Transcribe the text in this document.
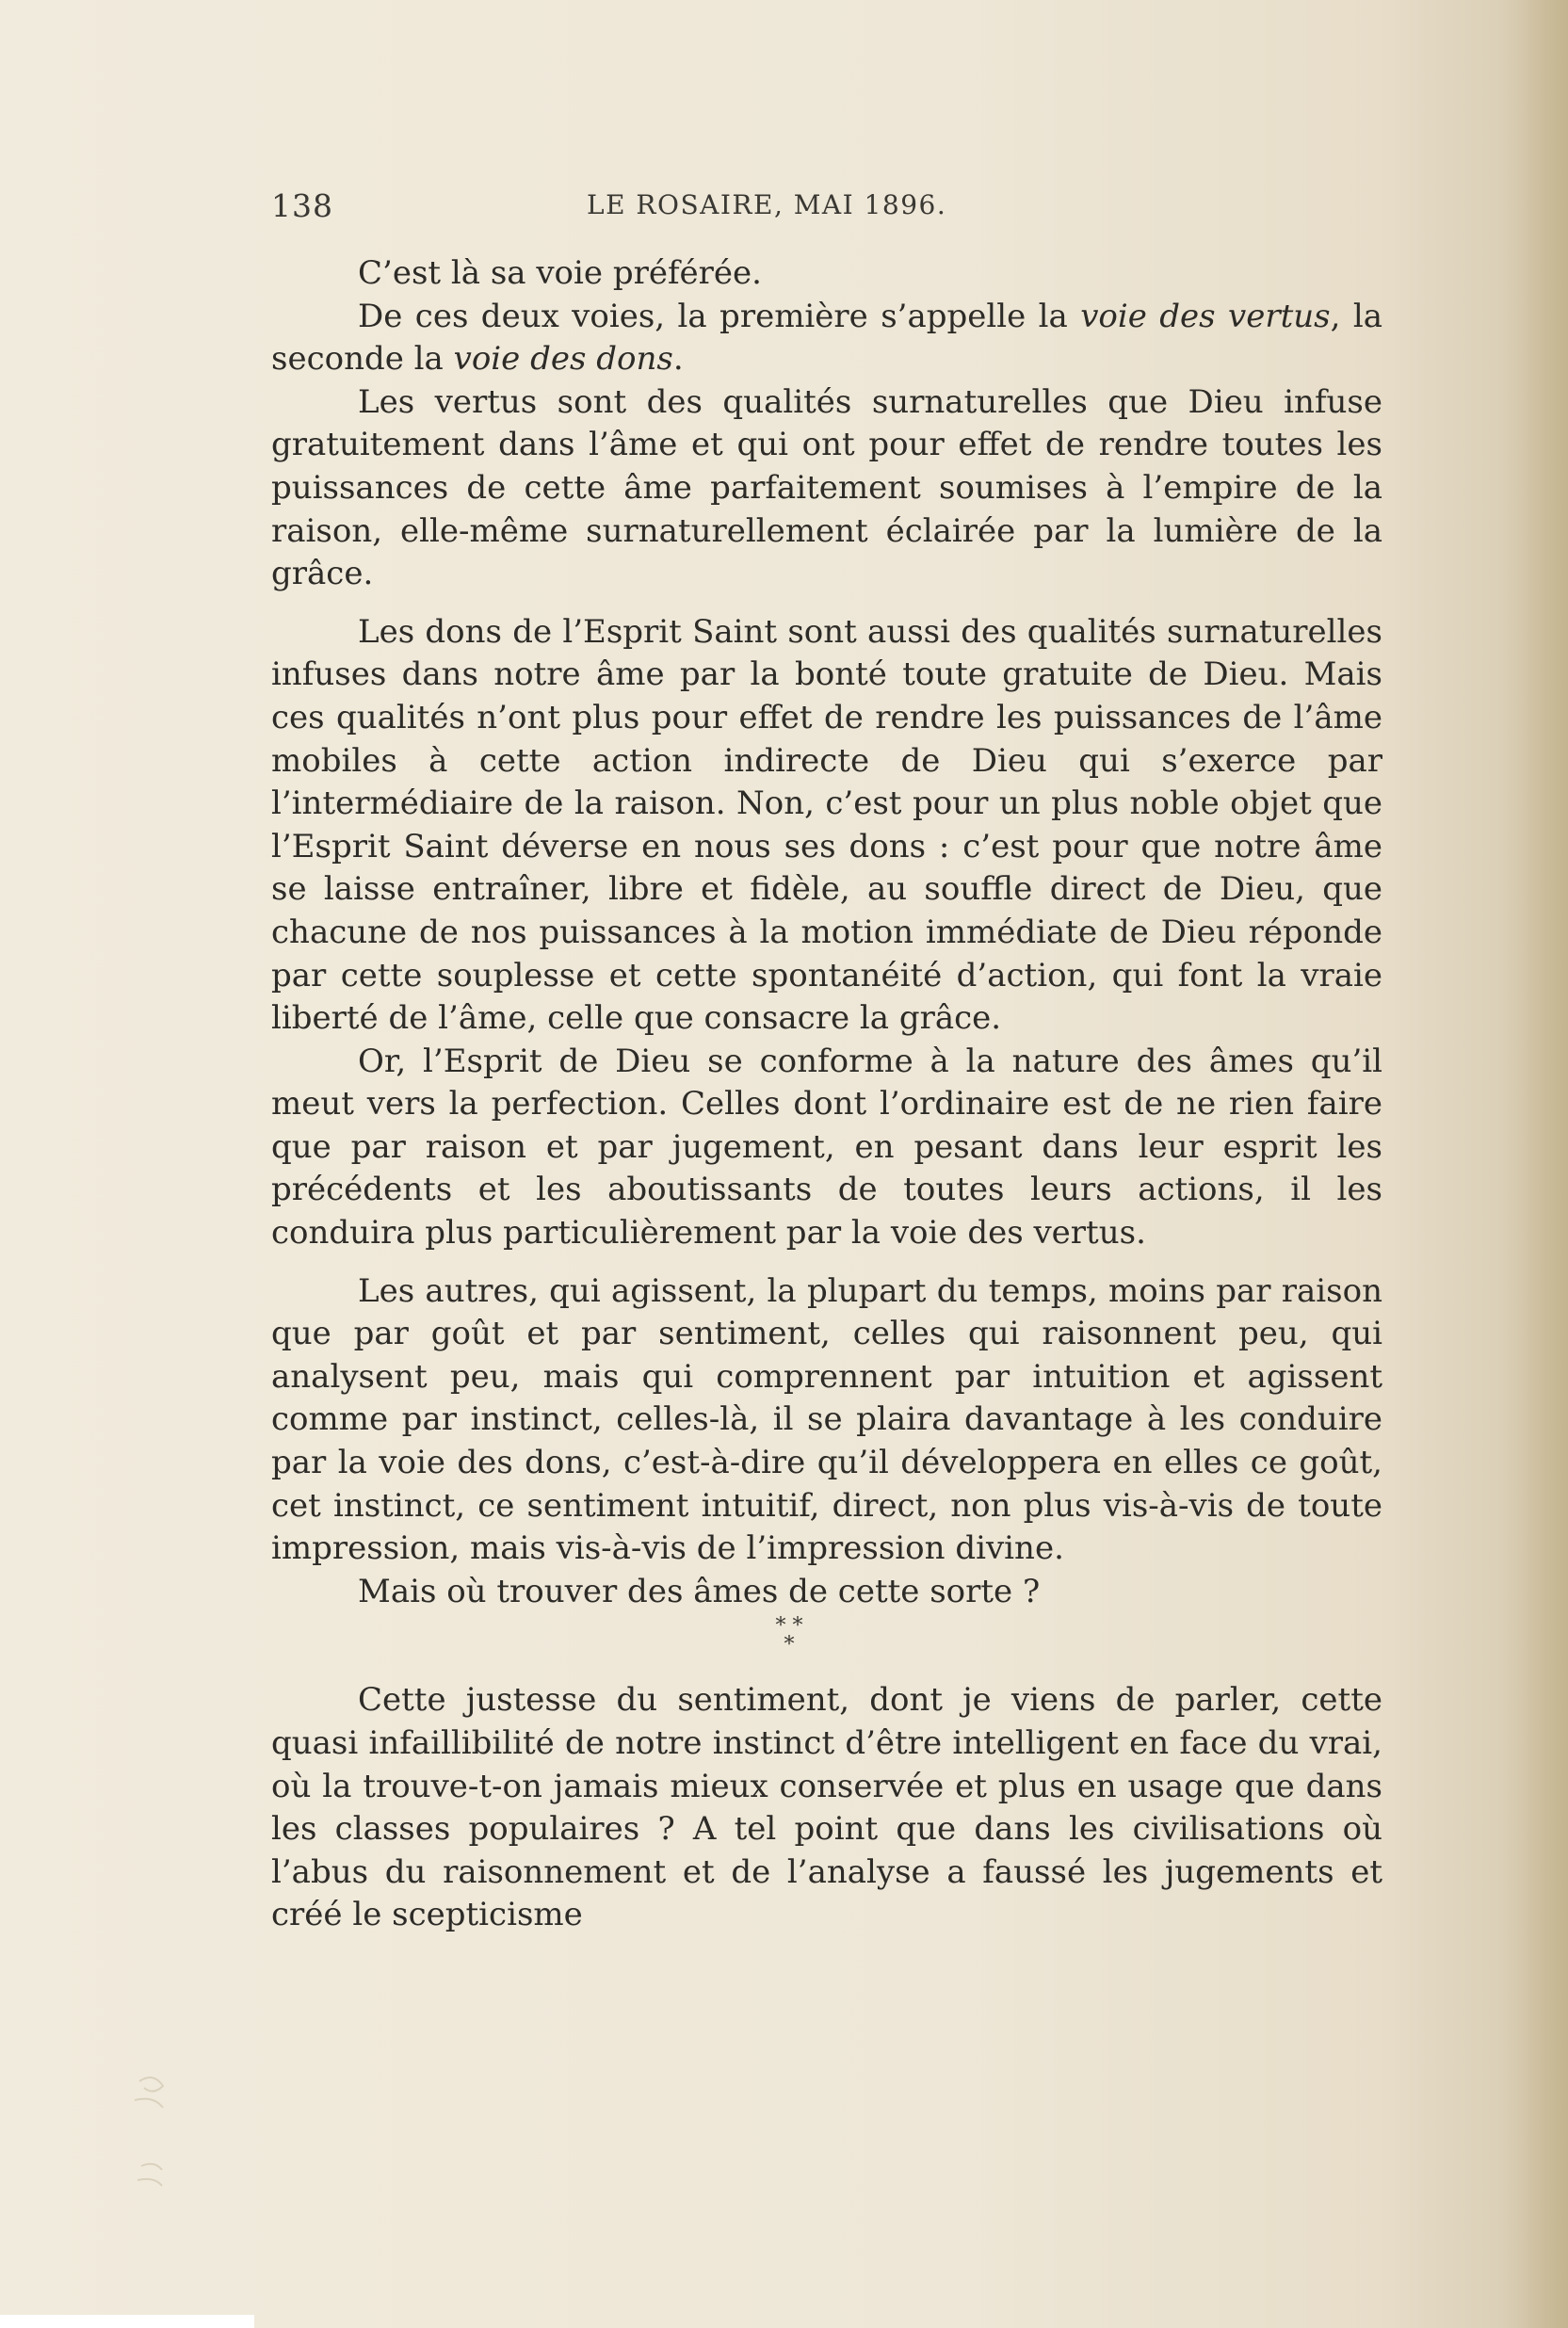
138	LE ROSAIRE, MAI 1896.

C’est là sa voie préférée.

De ces deux voies, la première s’appelle la voie des vertus, la seconde la voie des dons.

Les vertus sont des qualités surnaturelles que Dieu infuse gratuitement dans l’âme et qui ont pour effet de rendre toutes les puissances de cette âme parfaitement soumises à l’empire de la raison, elle-même surnaturellement éclairée par la lumière de la grâce.

Les dons de l’Esprit Saint sont aussi des qualités surnaturelles infuses dans notre âme par la bonté toute gratuite de Dieu. Mais ces qualités n’ont plus pour effet de rendre les puissances de l’âme mobiles à cette action indirecte de Dieu qui s’exerce par l’intermédiaire de la raison. Non, c’est pour un plus noble objet que l’Esprit Saint déverse en nous ses dons : c’est pour que notre âme se laisse entraîner, libre et fidèle, au souffle direct de Dieu, que chacune de nos puissances à la motion immédiate de Dieu réponde par cette souplesse et cette spontanéité d’action, qui font la vraie liberté de l’âme, celle que consacre la grâce.

Or, l’Esprit de Dieu se conforme à la nature des âmes qu’il meut vers la perfection. Celles dont l’ordinaire est de ne rien faire que par raison et par jugement, en pesant dans leur esprit les précédents et les aboutissants de toutes leurs actions, il les conduira plus particulièrement par la voie des vertus.

Les autres, qui agissent, la plupart du temps, moins par raison que par goût et par sentiment, celles qui raisonnent peu, qui analysent peu, mais qui comprennent par intuition et agissent comme par instinct, celles-là, il se plaira davantage à les conduire par la voie des dons, c’est-à-dire qu’il développera en elles ce goût, cet instinct, ce sentiment intuitif, direct, non plus vis-à-vis de toute impression, mais vis-à-vis de l’impression divine.

Mais où trouver des âmes de cette sorte ?

* *
*

Cette justesse du sentiment, dont je viens de parler, cette quasi infaillibilité de notre instinct d’être intelligent en face du vrai, où la trouve-t-on jamais mieux conservée et plus en usage que dans les classes populaires ? A tel point que dans les civilisations où l’abus du raisonnement et de l’analyse a faussé les jugements et créé le scepticisme
